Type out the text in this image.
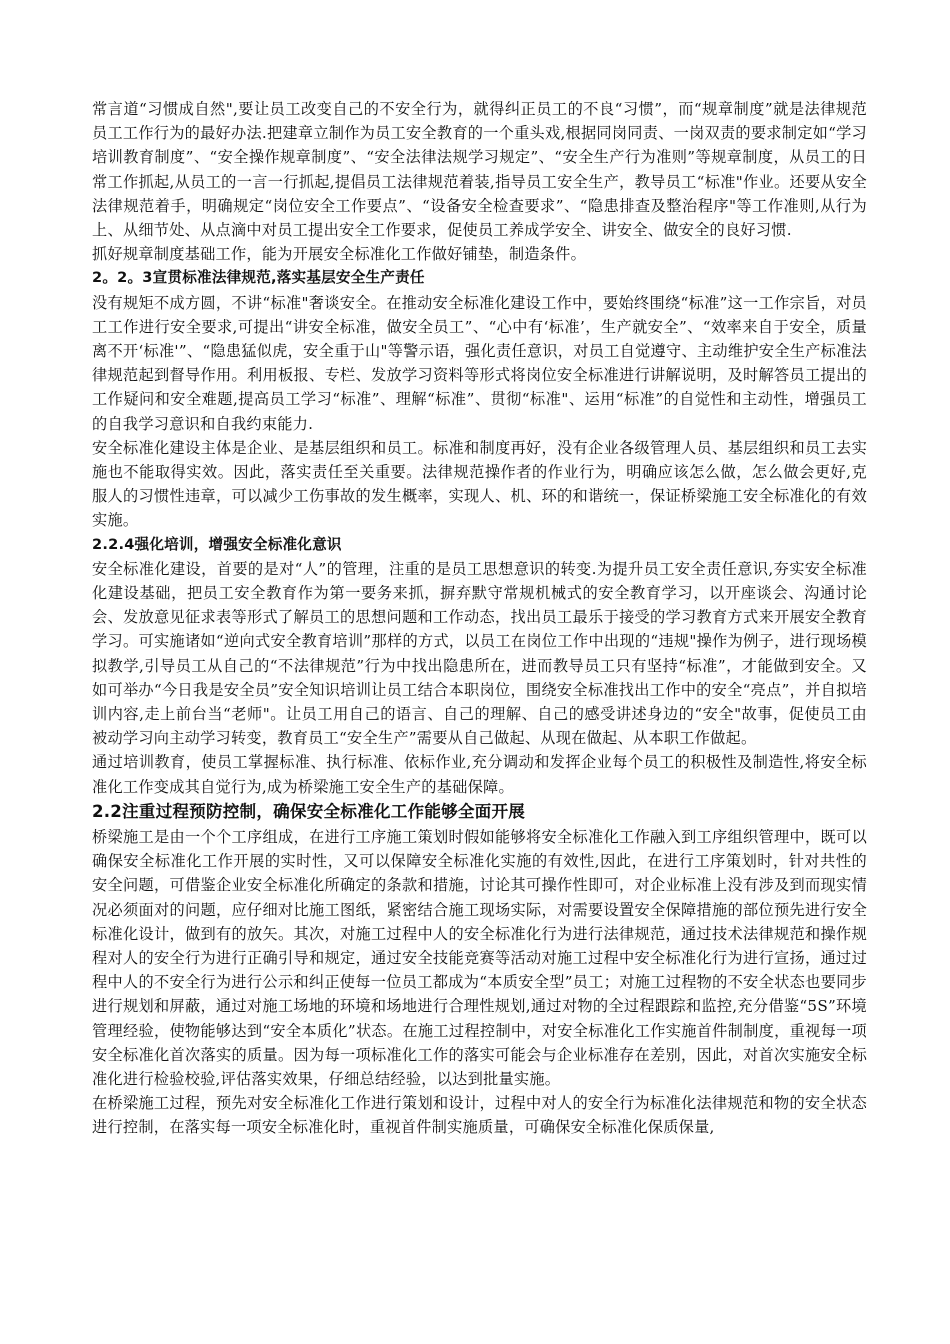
常言道“习惯成自然",要让员工改变自己的不安全行为，就得纠正员工的不良“习惯”，而“规章制度”就是法律规范员工工作行为的最好办法.把建章立制作为员工安全教育的一个重头戏,根据同岗同责、一岗双责的要求制定如“学习培训教育制度”、“安全操作规章制度”、“安全法律法规学习规定”、“安全生产行为准则”等规章制度，从员工的日常工作抓起,从员工的一言一行抓起,提倡员工法律规范着装,指导员工安全生产，教导员工“标准"作业。还要从安全法律规范着手，明确规定“岗位安全工作要点”、“设备安全检查要求”、“隐患排查及整治程序"等工作准则,从行为上、从细节处、从点滴中对员工提出安全工作要求，促使员工养成学安全、讲安全、做安全的良好习惯.

抓好规章制度基础工作，能为开展安全标准化工作做好铺垫，制造条件。

2。2。3宣贯标准法律规范,落实基层安全生产责任

没有规矩不成方圆，不讲“标准"奢谈安全。在推动安全标准化建设工作中，要始终围绕“标准”这一工作宗旨，对员工工作进行安全要求,可提出“讲安全标准，做安全员工”、“心中有‘标准’，生产就安全”、“效率来自于安全，质量离不开‘标准'”、“隐患猛似虎，安全重于山"等警示语，强化责任意识，对员工自觉遵守、主动维护安全生产标准法律规范起到督导作用。利用板报、专栏、发放学习资料等形式将岗位安全标准进行讲解说明，及时解答员工提出的工作疑问和安全难题,提高员工学习“标准”、理解“标准”、贯彻“标准"、运用“标准”的自觉性和主动性，增强员工的自我学习意识和自我约束能力.

安全标准化建设主体是企业、是基层组织和员工。标准和制度再好，没有企业各级管理人员、基层组织和员工去实施也不能取得实效。因此，落实责任至关重要。法律规范操作者的作业行为，明确应该怎么做，怎么做会更好,克服人的习惯性违章，可以减少工伤事故的发生概率，实现人、机、环的和谐统一，保证桥梁施工安全标准化的有效实施。

2.2.4强化培训，增强安全标准化意识

安全标准化建设，首要的是对“人”的管理，注重的是员工思想意识的转变.为提升员工安全责任意识,夯实安全标准化建设基础，把员工安全教育作为第一要务来抓，摒弃默守常规机械式的安全教育学习，以开座谈会、沟通讨论会、发放意见征求表等形式了解员工的思想问题和工作动态，找出员工最乐于接受的学习教育方式来开展安全教育学习。可实施诸如“逆向式安全教育培训”那样的方式，以员工在岗位工作中出现的“违规"操作为例子，进行现场模拟教学,引导员工从自己的“不法律规范”行为中找出隐患所在，进而教导员工只有坚持“标准”，才能做到安全。又如可举办“今日我是安全员”安全知识培训让员工结合本职岗位，围绕安全标准找出工作中的安全“亮点”，并自拟培训内容,走上前台当“老师"。让员工用自己的语言、自己的理解、自己的感受讲述身边的“安全"故事，促使员工由被动学习向主动学习转变，教育员工“安全生产”需要从自己做起、从现在做起、从本职工作做起。

通过培训教育，使员工掌握标准、执行标准、依标作业,充分调动和发挥企业每个员工的积极性及制造性,将安全标准化工作变成其自觉行为,成为桥梁施工安全生产的基础保障。

2.2注重过程预防控制，确保安全标准化工作能够全面开展

桥梁施工是由一个个工序组成，在进行工序施工策划时假如能够将安全标准化工作融入到工序组织管理中，既可以确保安全标准化工作开展的实时性，又可以保障安全标准化实施的有效性,因此，在进行工序策划时，针对共性的安全问题，可借鉴企业安全标准化所确定的条款和措施，讨论其可操作性即可，对企业标准上没有涉及到而现实情况必须面对的问题，应仔细对比施工图纸，紧密结合施工现场实际，对需要设置安全保障措施的部位预先进行安全标准化设计，做到有的放矢。其次，对施工过程中人的安全标准化行为进行法律规范，通过技术法律规范和操作规程对人的安全行为进行正确引导和规定，通过安全技能竞赛等活动对施工过程中安全标准化行为进行宣扬，通过过程中人的不安全行为进行公示和纠正使每一位员工都成为“本质安全型”员工；对施工过程物的不安全状态也要同步进行规划和屏蔽，通过对施工场地的环境和场地进行合理性规划,通过对物的全过程跟踪和监控,充分借鉴“5S”环境管理经验，使物能够达到“安全本质化”状态。在施工过程控制中，对安全标准化工作实施首件制制度，重视每一项安全标准化首次落实的质量。因为每一项标准化工作的落实可能会与企业标准存在差别，因此，对首次实施安全标准化进行检验校验,评估落实效果，仔细总结经验，以达到批量实施。

在桥梁施工过程，预先对安全标准化工作进行策划和设计，过程中对人的安全行为标准化法律规范和物的安全状态进行控制，在落实每一项安全标准化时，重视首件制实施质量，可确保安全标准化保质保量,
